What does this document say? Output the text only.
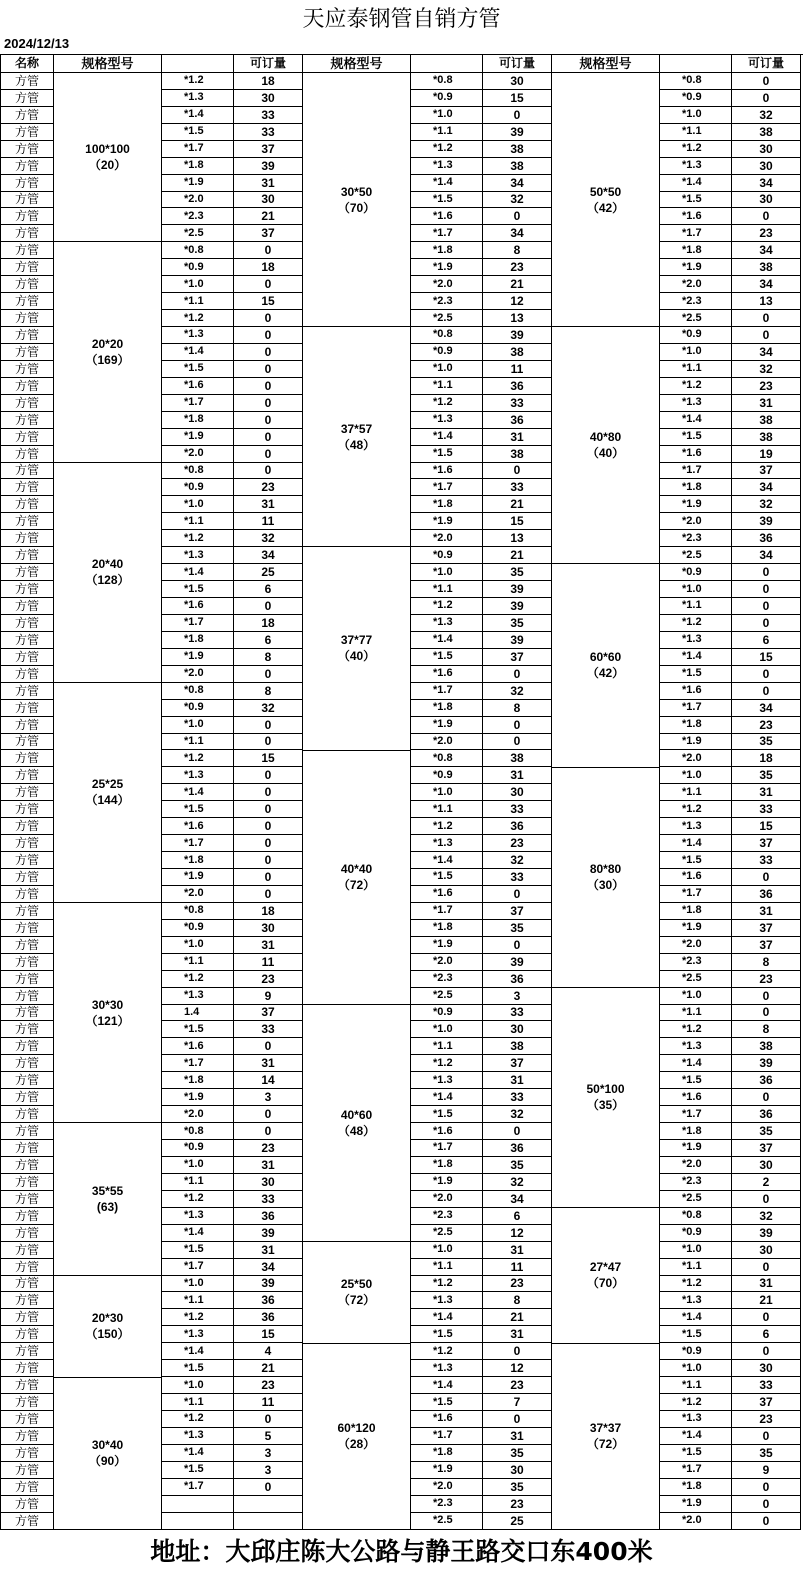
天应泰钢管自销方管
2024/12/13
名称
方管
方管
方管
方管
方管
方管
方管
方管
方管
方管
方管
方管
方管
方管
方管
方管
方管
方管
方管
方管
方管
方管
方管
方管
方管
方管
方管
方管
方管
方管
方管
方管
方管
方管
方管
方管
方管
方管
方管
方管
方管
方管
方管
方管
方管
方管
方管
方管
方管
方管
方管
方管
方管
方管
方管
方管
方管
方管
方管
方管
方管
方管
方管
方管
方管
方管
方管
方管
方管
方管
方管
方管
方管
方管
方管
方管
方管
方管
方管
方管
方管
方管
方管
方管
方管
方管
规格型号
100*100
（20）
20*20
（169）
20*40
（128）
25*25
（144）
30*30
（121）
35*55
(63)
20*30
（150）
30*40
（90）
*1.2
*1.3
*1.4
*1.5
*1.7
*1.8
*1.9
*2.0
*2.3
*2.5
*0.8
*0.9
*1.0
*1.1
*1.2
*1.3
*1.4
*1.5
*1.6
*1.7
*1.8
*1.9
*2.0
*0.8
*0.9
*1.0
*1.1
*1.2
*1.3
*1.4
*1.5
*1.6
*1.7
*1.8
*1.9
*2.0
*0.8
*0.9
*1.0
*1.1
*1.2
*1.3
*1.4
*1.5
*1.6
*1.7
*1.8
*1.9
*2.0
*0.8
*0.9
*1.0
*1.1
*1.2
*1.3
1.4
*1.5
*1.6
*1.7
*1.8
*1.9
*2.0
*0.8
*0.9
*1.0
*1.1
*1.2
*1.3
*1.4
*1.5
*1.7
*1.0
*1.1
*1.2
*1.3
*1.4
*1.5
*1.0
*1.1
*1.2
*1.3
*1.4
*1.5
*1.7
可订量
18
30
33
33
37
39
31
30
21
37
0
18
0
15
0
0
0
0
0
0
0
0
0
0
23
31
11
32
34
25
6
0
18
6
8
0
8
32
0
0
15
0
0
0
0
0
0
0
0
18
30
31
11
23
9
37
33
0
31
14
3
0
0
23
31
30
33
36
39
31
34
39
36
36
15
4
21
23
11
0
5
3
3
0
规格型号
30*50
（70）
37*57
（48）
37*77
（40）
40*40
（72）
40*60
（48）
25*50
（72）
60*120
（28）
*0.8
*0.9
*1.0
*1.1
*1.2
*1.3
*1.4
*1.5
*1.6
*1.7
*1.8
*1.9
*2.0
*2.3
*2.5
*0.8
*0.9
*1.0
*1.1
*1.2
*1.3
*1.4
*1.5
*1.6
*1.7
*1.8
*1.9
*2.0
*0.9
*1.0
*1.1
*1.2
*1.3
*1.4
*1.5
*1.6
*1.7
*1.8
*1.9
*2.0
*0.8
*0.9
*1.0
*1.1
*1.2
*1.3
*1.4
*1.5
*1.6
*1.7
*1.8
*1.9
*2.0
*2.3
*2.5
*0.9
*1.0
*1.1
*1.2
*1.3
*1.4
*1.5
*1.6
*1.7
*1.8
*1.9
*2.0
*2.3
*2.5
*1.0
*1.1
*1.2
*1.3
*1.4
*1.5
*1.2
*1.3
*1.4
*1.5
*1.6
*1.7
*1.8
*1.9
*2.0
*2.3
*2.5
可订量
30
15
0
39
38
38
34
32
0
34
8
23
21
12
13
39
38
11
36
33
36
31
38
0
33
21
15
13
21
35
39
39
35
39
37
0
32
8
0
0
38
31
30
33
36
23
32
33
0
37
35
0
39
36
3
33
30
38
37
31
33
32
0
36
35
32
34
6
12
31
11
23
8
21
31
0
12
23
7
0
31
35
30
35
23
25
规格型号
50*50
（42）
40*80
（40）
60*60
（42）
80*80
（30）
50*100
（35）
27*47
（70）
37*37
（72）
*0.8
*0.9
*1.0
*1.1
*1.2
*1.3
*1.4
*1.5
*1.6
*1.7
*1.8
*1.9
*2.0
*2.3
*2.5
*0.9
*1.0
*1.1
*1.2
*1.3
*1.4
*1.5
*1.6
*1.7
*1.8
*1.9
*2.0
*2.3
*2.5
*0.9
*1.0
*1.1
*1.2
*1.3
*1.4
*1.5
*1.6
*1.7
*1.8
*1.9
*2.0
*1.0
*1.1
*1.2
*1.3
*1.4
*1.5
*1.6
*1.7
*1.8
*1.9
*2.0
*2.3
*2.5
*1.0
*1.1
*1.2
*1.3
*1.4
*1.5
*1.6
*1.7
*1.8
*1.9
*2.0
*2.3
*2.5
*0.8
*0.9
*1.0
*1.1
*1.2
*1.3
*1.4
*1.5
*0.9
*1.0
*1.1
*1.2
*1.3
*1.4
*1.5
*1.7
*1.8
*1.9
*2.0
可订量
0
0
32
38
30
30
34
30
0
23
34
38
34
13
0
0
34
32
23
31
38
38
19
37
34
32
39
36
34
0
0
0
0
6
15
0
0
34
23
35
18
35
31
33
15
37
33
0
36
31
37
37
8
23
0
0
8
38
39
36
0
36
35
37
30
2
0
32
39
30
0
31
21
0
6
0
30
33
37
23
0
35
9
0
0
0
地址：大邱庄陈大公路与静王路交口东400米
